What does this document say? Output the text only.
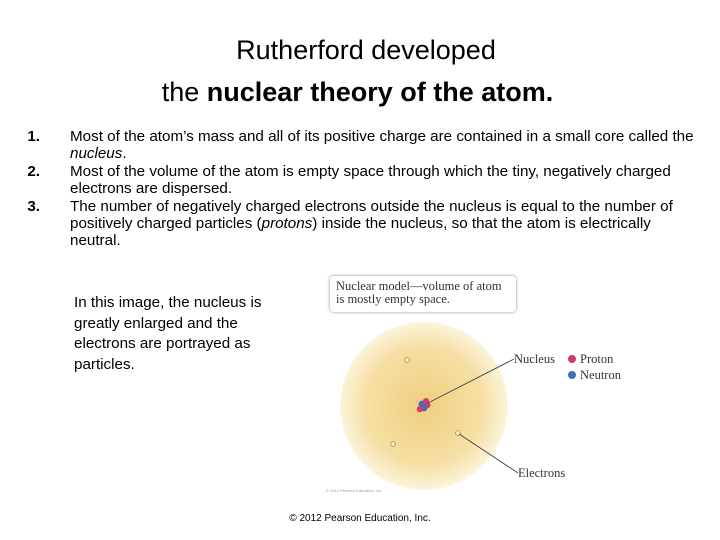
Rutherford developed
the nuclear theory of the atom.
1. Most of the atom’s mass and all of its positive charge are contained in a small core called the nucleus.
2. Most of the volume of the atom is empty space through which the tiny, negatively charged electrons are dispersed.
3. The number of negatively charged electrons outside the nucleus is equal to the number of positively charged particles (protons) inside the nucleus, so that the atom is electrically neutral.
In this image, the nucleus is greatly enlarged and the electrons are portrayed as particles.
Nuclear model—volume of atom is mostly empty space.
Nucleus Proton
Neutron
Electrons
© 2012 Pearson Education, Inc.
© 2012 Pearson Education, Inc.
